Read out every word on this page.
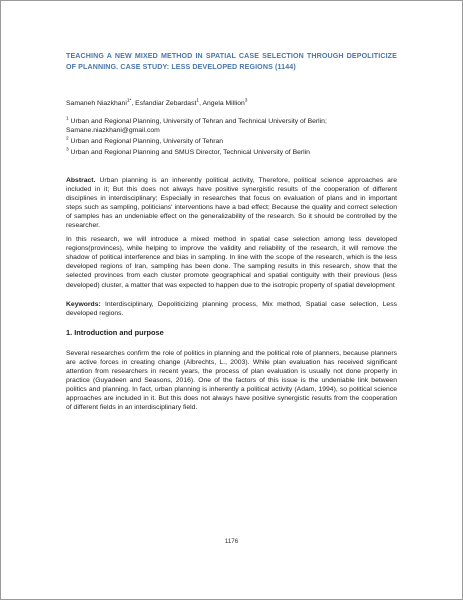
TEACHING A NEW MIXED METHOD IN SPATIAL CASE SELECTION THROUGH DEPOLITICIZE OF PLANNING. CASE STUDY: LESS DEVELOPED REGIONS (1144)
Samaneh Niazkhani$^{1*}$, Esfandiar Zebardast$^1$, Angela Million$^3$
$^1$ Urban and Regional Planning, University of Tehran and Technical University of Berlin; Samane.niazkhani@gmail.com
$^2$ Urban and Regional Planning, University of Tehran
$^3$ Urban and Regional Planning and SMUS Director, Technical University of Berlin

Abstract. Urban planning is an inherently political activity, Therefore, political science approaches are included in it; But this does not always have positive synergistic results of the cooperation of different disciplines in interdisciplinary; Especially in researches that focus on evaluation of plans and in important steps such as sampling, politicians' interventions have a bad effect; Because the quality and correct selection of samples has an undeniable effect on the generalizability of the research. So it should be controlled by the researcher.

In this research, we will introduce a mixed method in spatial case selection among less developed regions(provinces), while helping to improve the validity and reliability of the research, it will remove the shadow of political interference and bias in sampling. In line with the scope of the research, which is the less developed regions of Iran, sampling has been done. The sampling results in this research, show that the selected provinces from each cluster promote geographical and spatial contiguity with their previous (less developed) cluster, a matter that was expected to happen due to the isotropic property of spatial development

Keywords: Interdisciplinary, Depoliticizing planning process, Mix method, Spatial case selection, Less developed regions.

1. Introduction and purpose

Several researches confirm the role of politics in planning and the political role of planners, because planners are active forces in creating change (Albrechts, L., 2003). While plan evaluation has received significant attention from researchers in recent years, the process of plan evaluation is usually not done properly in practice (Guyadeen and Seasons, 2016). One of the factors of this issue is the undeniable link between politics and planning. In fact, urban planning is inherently a political activity (Adam, 1994), so political science approaches are included in it. But this does not always have positive synergistic results from the cooperation of different fields in an interdisciplinary field.

1176
